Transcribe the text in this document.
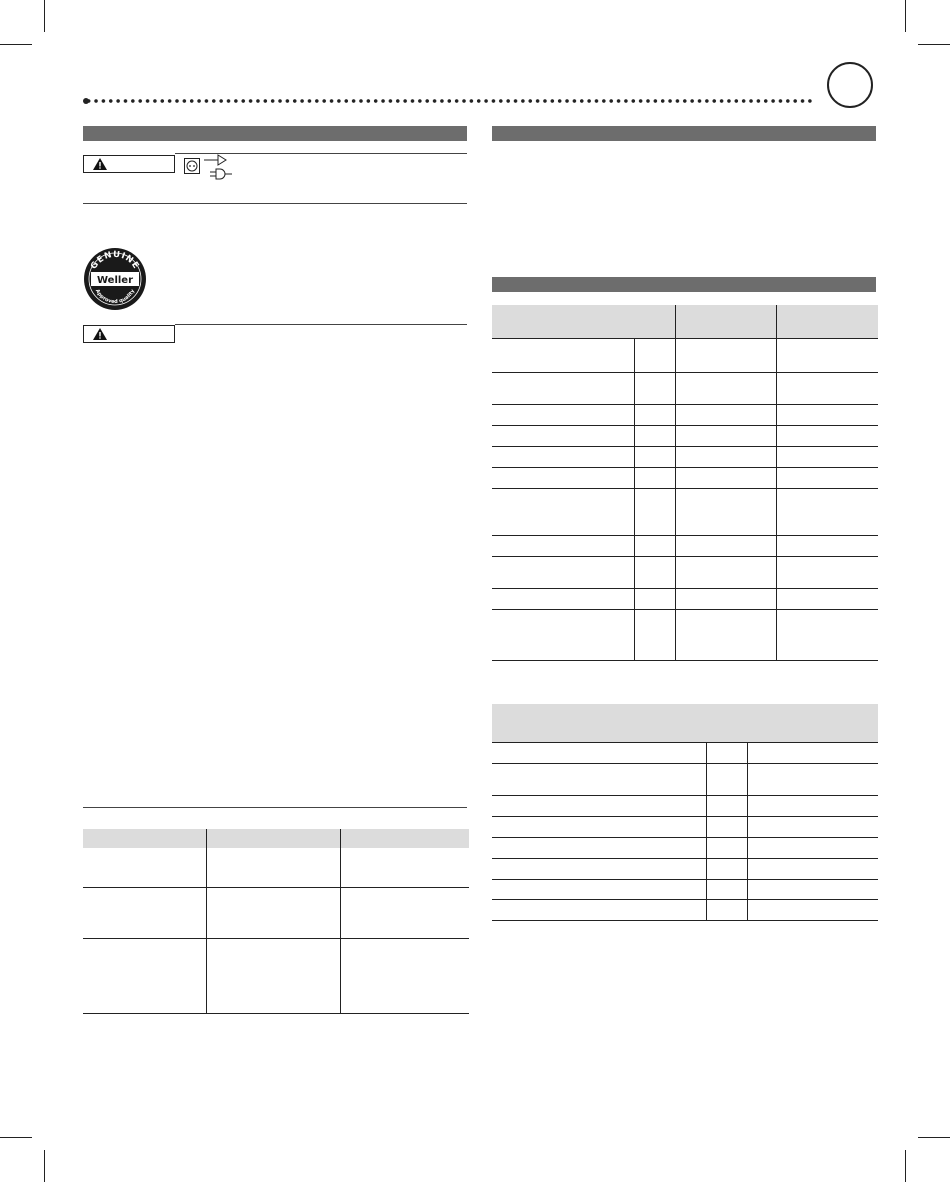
GENUINE
Weller
Approved quality
